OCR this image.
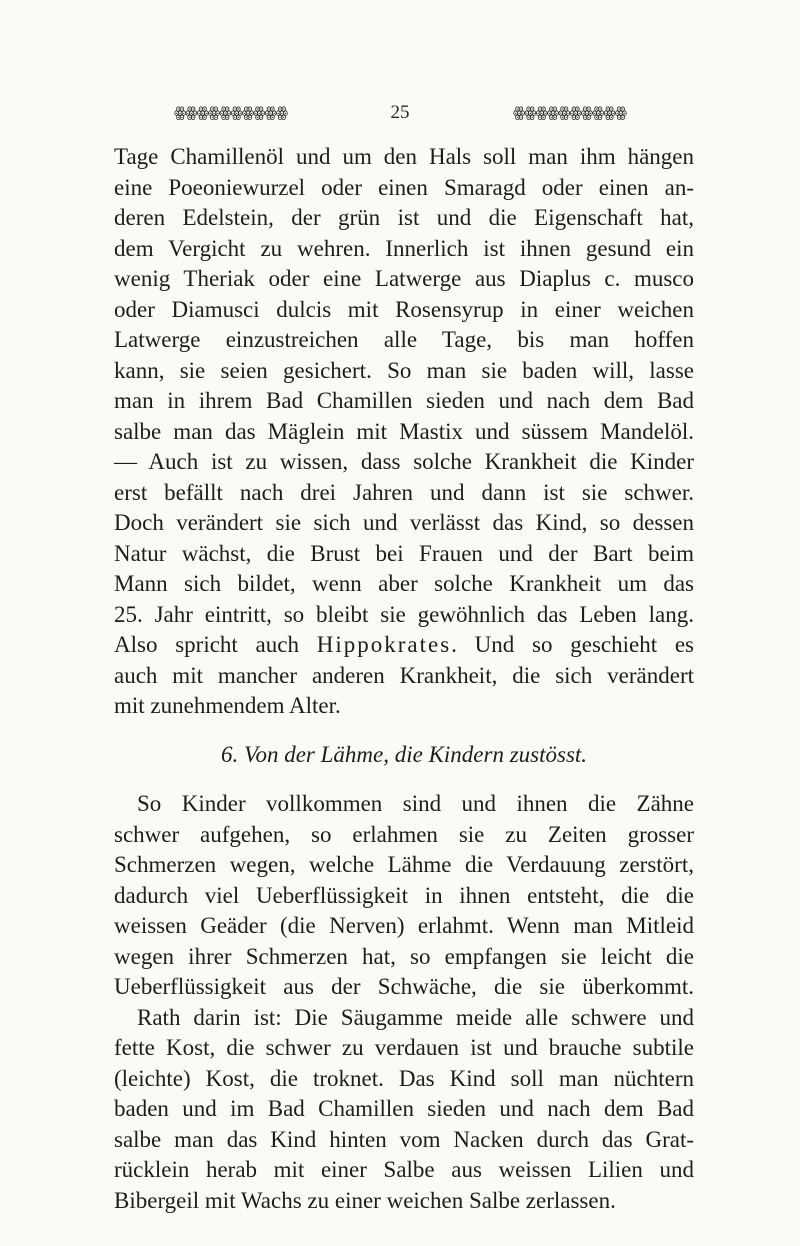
ꙮꙮꙮꙮꙮꙮꙮꙮꙮꙮ	25	ꙮꙮꙮꙮꙮꙮꙮꙮꙮꙮ
Tage Chamillenöl und um den Hals soll man ihm hängen
eine Poeoniewurzel oder einen Smaragd oder einen an-
deren Edelstein, der grün ist und die Eigenschaft hat,
dem Vergicht zu wehren. Innerlich ist ihnen gesund ein
wenig Theriak oder eine Latwerge aus Diaplus c. musco
oder Diamusci dulcis mit Rosensyrup in einer weichen
Latwerge einzustreichen alle Tage, bis man hoffen
kann, sie seien gesichert. So man sie baden will, lasse
man in ihrem Bad Chamillen sieden und nach dem Bad
salbe man das Mäglein mit Mastix und süssem Mandelöl.
— Auch ist zu wissen, dass solche Krankheit die Kinder
erst befällt nach drei Jahren und dann ist sie schwer.
Doch verändert sie sich und verlässt das Kind, so dessen
Natur wächst, die Brust bei Frauen und der Bart beim
Mann sich bildet, wenn aber solche Krankheit um das
25. Jahr eintritt, so bleibt sie gewöhnlich das Leben lang.
Also spricht auch Hippokrates. Und so geschieht es
auch mit mancher anderen Krankheit, die sich verändert
mit zunehmendem Alter.
6. Von der Lähme, die Kindern zustösst.
So Kinder vollkommen sind und ihnen die Zähne
schwer aufgehen, so erlahmen sie zu Zeiten grosser
Schmerzen wegen, welche Lähme die Verdauung zerstört,
dadurch viel Ueberflüssigkeit in ihnen entsteht, die die
weissen Geäder (die Nerven) erlahmt. Wenn man Mitleid
wegen ihrer Schmerzen hat, so empfangen sie leicht die
Ueberflüssigkeit aus der Schwäche, die sie überkommt.
Rath darin ist: Die Säugamme meide alle schwere und
fette Kost, die schwer zu verdauen ist und brauche subtile
(leichte) Kost, die troknet. Das Kind soll man nüchtern
baden und im Bad Chamillen sieden und nach dem Bad
salbe man das Kind hinten vom Nacken durch das Grat-
rücklein herab mit einer Salbe aus weissen Lilien und
Bibergeil mit Wachs zu einer weichen Salbe zerlassen.
